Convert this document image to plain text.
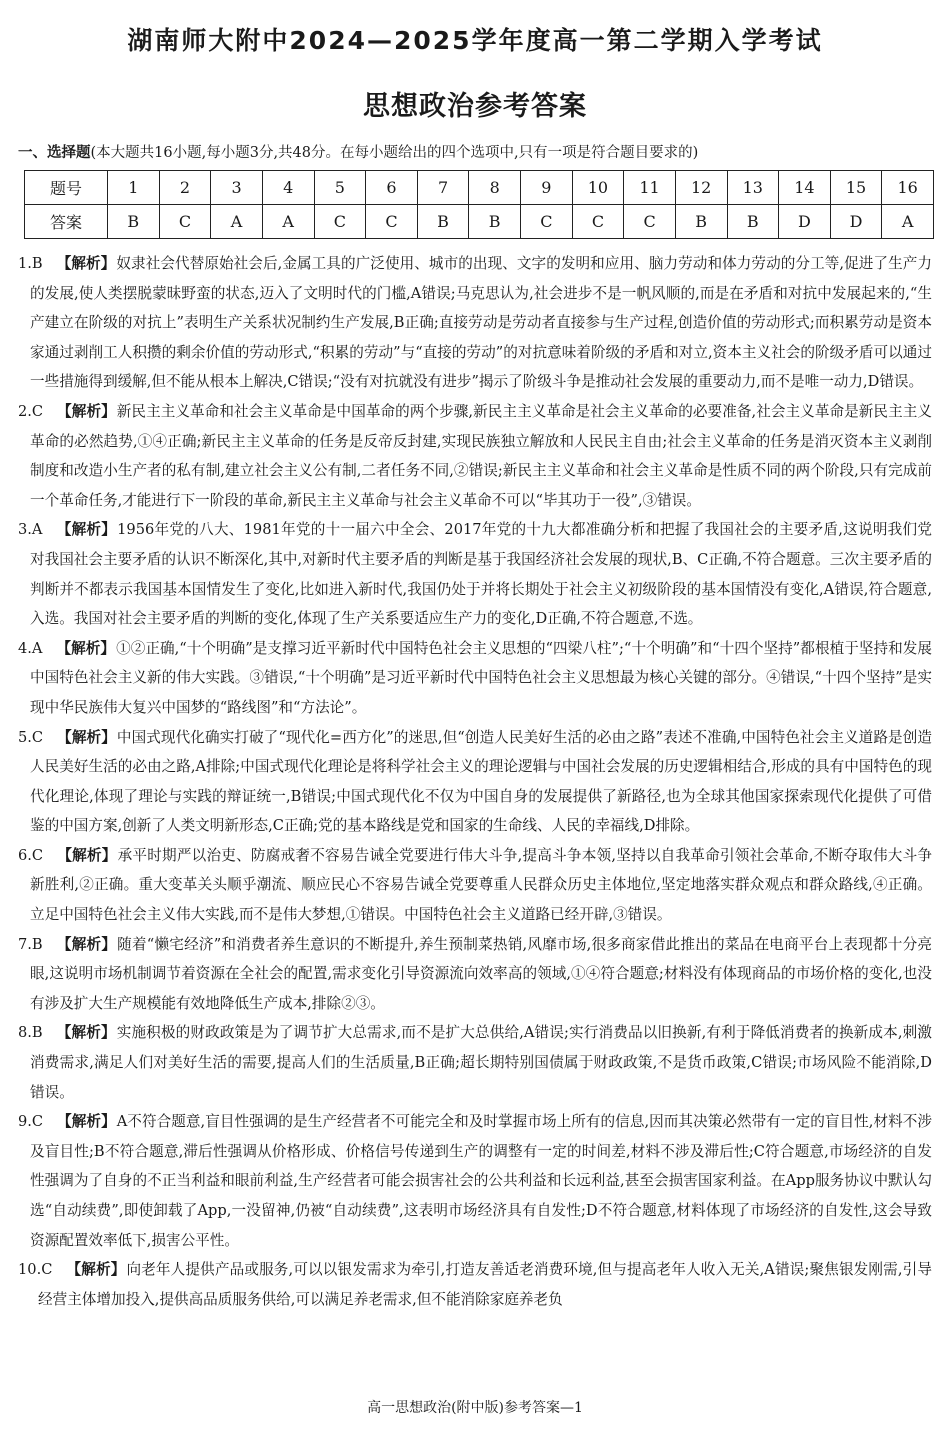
湖南师大附中2024—2025学年度高一第二学期入学考试
思想政治参考答案
一、选择题(本大题共16小题,每小题3分,共48分。在每小题给出的四个选项中,只有一项是符合题目要求的)
题号	1	2	3	4	5	6	7	8	9	10	11	12	13	14	15	16
答案	B	C	A	A	C	C	B	B	C	C	C	B	B	D	D	A

1.B 【解析】奴隶社会代替原始社会后,金属工具的广泛使用、城市的出现、文字的发明和应用、脑力劳动和体力劳动的分工等,促进了生产力的发展,使人类摆脱蒙昧野蛮的状态,迈入了文明时代的门槛,A错误;马克思认为,社会进步不是一帆风顺的,而是在矛盾和对抗中发展起来的,“生产建立在阶级的对抗上”表明生产关系状况制约生产发展,B正确;直接劳动是劳动者直接参与生产过程,创造价值的劳动形式;而积累劳动是资本家通过剥削工人积攒的剩余价值的劳动形式,“积累的劳动”与“直接的劳动”的对抗意味着阶级的矛盾和对立,资本主义社会的阶级矛盾可以通过一些措施得到缓解,但不能从根本上解决,C错误;“没有对抗就没有进步”揭示了阶级斗争是推动社会发展的重要动力,而不是唯一动力,D错误。

2.C 【解析】新民主主义革命和社会主义革命是中国革命的两个步骤,新民主主义革命是社会主义革命的必要准备,社会主义革命是新民主主义革命的必然趋势,①④正确;新民主主义革命的任务是反帝反封建,实现民族独立解放和人民民主自由;社会主义革命的任务是消灭资本主义剥削制度和改造小生产者的私有制,建立社会主义公有制,二者任务不同,②错误;新民主主义革命和社会主义革命是性质不同的两个阶段,只有完成前一个革命任务,才能进行下一阶段的革命,新民主主义革命与社会主义革命不可以“毕其功于一役”,③错误。

3.A 【解析】1956年党的八大、1981年党的十一届六中全会、2017年党的十九大都准确分析和把握了我国社会的主要矛盾,这说明我们党对我国社会主要矛盾的认识不断深化,其中,对新时代主要矛盾的判断是基于我国经济社会发展的现状,B、C正确,不符合题意。三次主要矛盾的判断并不都表示我国基本国情发生了变化,比如进入新时代,我国仍处于并将长期处于社会主义初级阶段的基本国情没有变化,A错误,符合题意,入选。我国对社会主要矛盾的判断的变化,体现了生产关系要适应生产力的变化,D正确,不符合题意,不选。

4.A 【解析】①②正确,“十个明确”是支撑习近平新时代中国特色社会主义思想的“四梁八柱”;“十个明确”和“十四个坚持”都根植于坚持和发展中国特色社会主义新的伟大实践。③错误,“十个明确”是习近平新时代中国特色社会主义思想最为核心关键的部分。④错误,“十四个坚持”是实现中华民族伟大复兴中国梦的“路线图”和“方法论”。

5.C 【解析】中国式现代化确实打破了“现代化=西方化”的迷思,但“创造人民美好生活的必由之路”表述不准确,中国特色社会主义道路是创造人民美好生活的必由之路,A排除;中国式现代化理论是将科学社会主义的理论逻辑与中国社会发展的历史逻辑相结合,形成的具有中国特色的现代化理论,体现了理论与实践的辩证统一,B错误;中国式现代化不仅为中国自身的发展提供了新路径,也为全球其他国家探索现代化提供了可借鉴的中国方案,创新了人类文明新形态,C正确;党的基本路线是党和国家的生命线、人民的幸福线,D排除。

6.C 【解析】承平时期严以治吏、防腐戒奢不容易告诫全党要进行伟大斗争,提高斗争本领,坚持以自我革命引领社会革命,不断夺取伟大斗争新胜利,②正确。重大变革关头顺乎潮流、顺应民心不容易告诫全党要尊重人民群众历史主体地位,坚定地落实群众观点和群众路线,④正确。立足中国特色社会主义伟大实践,而不是伟大梦想,①错误。中国特色社会主义道路已经开辟,③错误。

7.B 【解析】随着“懒宅经济”和消费者养生意识的不断提升,养生预制菜热销,风靡市场,很多商家借此推出的菜品在电商平台上表现都十分亮眼,这说明市场机制调节着资源在全社会的配置,需求变化引导资源流向效率高的领域,①④符合题意;材料没有体现商品的市场价格的变化,也没有涉及扩大生产规模能有效地降低生产成本,排除②③。

8.B 【解析】实施积极的财政政策是为了调节扩大总需求,而不是扩大总供给,A错误;实行消费品以旧换新,有利于降低消费者的换新成本,刺激消费需求,满足人们对美好生活的需要,提高人们的生活质量,B正确;超长期特别国债属于财政政策,不是货币政策,C错误;市场风险不能消除,D错误。

9.C 【解析】A不符合题意,盲目性强调的是生产经营者不可能完全和及时掌握市场上所有的信息,因而其决策必然带有一定的盲目性,材料不涉及盲目性;B不符合题意,滞后性强调从价格形成、价格信号传递到生产的调整有一定的时间差,材料不涉及滞后性;C符合题意,市场经济的自发性强调为了自身的不正当利益和眼前利益,生产经营者可能会损害社会的公共利益和长远利益,甚至会损害国家利益。在App服务协议中默认勾选“自动续费”,即使卸载了App,一没留神,仍被“自动续费”,这表明市场经济具有自发性;D不符合题意,材料体现了市场经济的自发性,这会导致资源配置效率低下,损害公平性。

10.C 【解析】向老年人提供产品或服务,可以以银发需求为牵引,打造友善适老消费环境,但与提高老年人收入无关,A错误;聚焦银发刚需,引导经营主体增加投入,提供高品质服务供给,可以满足养老需求,但不能消除家庭养老负

高一思想政治(附中版)参考答案—1
